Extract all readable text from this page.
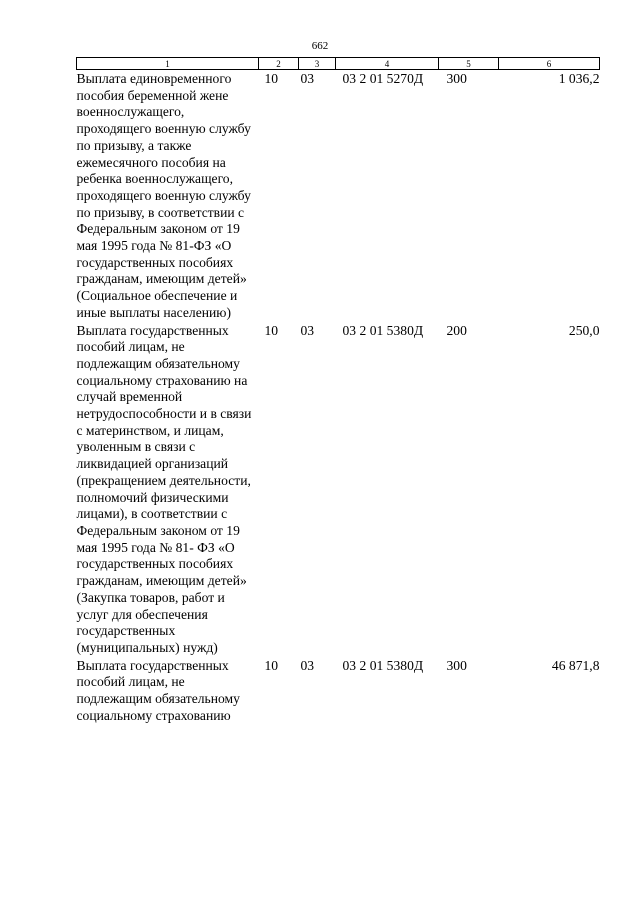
662
1	2	3	4	5	6
Выплата единовременного пособия беременной жене военнослужащего, проходящего военную службу по призыву, а также ежемесячного пособия на ребенка военнослужащего, проходящего военную службу по призыву, в соответствии с Федеральным законом от 19 мая 1995 года № 81-ФЗ «О государственных пособиях гражданам, имеющим детей» (Социальное обеспечение и иные выплаты населению)	10	03	03 2 01 5270Д	300	1 036,2
Выплата государственных пособий лицам, не подлежащим обязательному социальному страхованию на случай временной нетрудоспособности и в связи с материнством, и лицам, уволенным в связи с ликвидацией организаций (прекращением деятельности, полномочий физическими лицами), в соответствии с Федеральным законом от 19 мая 1995 года № 81- ФЗ «О государственных пособиях гражданам, имеющим детей» (Закупка товаров, работ и услуг для обеспечения государственных (муниципальных) нужд)	10	03	03 2 01 5380Д	200	250,0
Выплата государственных пособий лицам, не подлежащим обязательному социальному страхованию	10	03	03 2 01 5380Д	300	46 871,8
